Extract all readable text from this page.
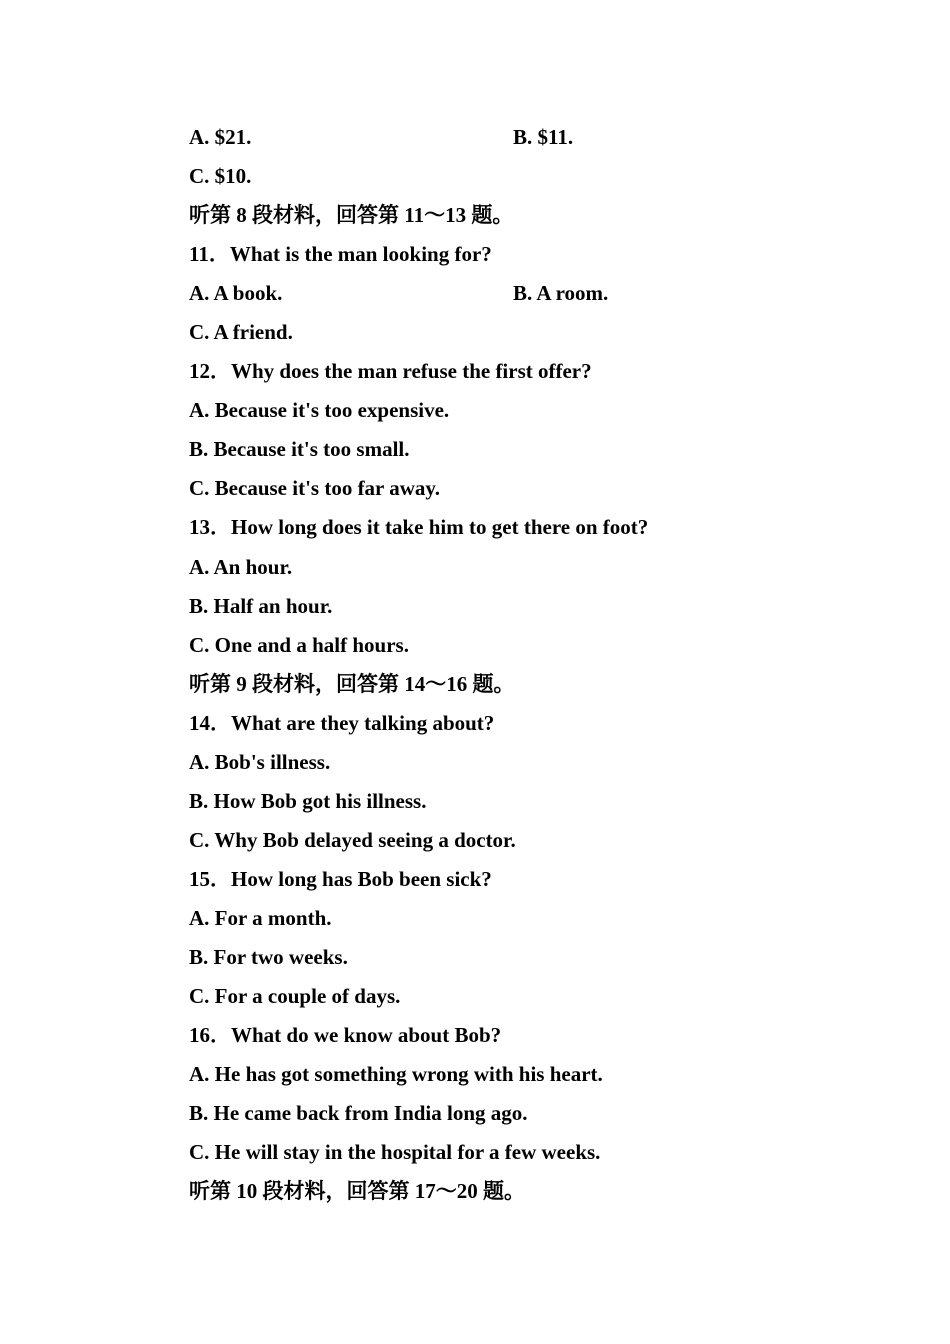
A. $21.	B. $11.
C. $10.
听第 8 段材料，回答第 11～13 题。
11．What is the man looking for?
A. A book.	B. A room.
C. A friend.
12．Why does the man refuse the first offer?
A. Because it's too expensive.
B. Because it's too small.
C. Because it's too far away.
13．How long does it take him to get there on foot?
A. An hour.
B. Half an hour.
C. One and a half hours.
听第 9 段材料，回答第 14～16 题。
14．What are they talking about?
A. Bob's illness.
B. How Bob got his illness.
C. Why Bob delayed seeing a doctor.
15．How long has Bob been sick?
A. For a month.
B. For two weeks.
C. For a couple of days.
16．What do we know about Bob?
A. He has got something wrong with his heart.
B. He came back from India long ago.
C. He will stay in the hospital for a few weeks.
听第 10 段材料，回答第 17～20 题。
